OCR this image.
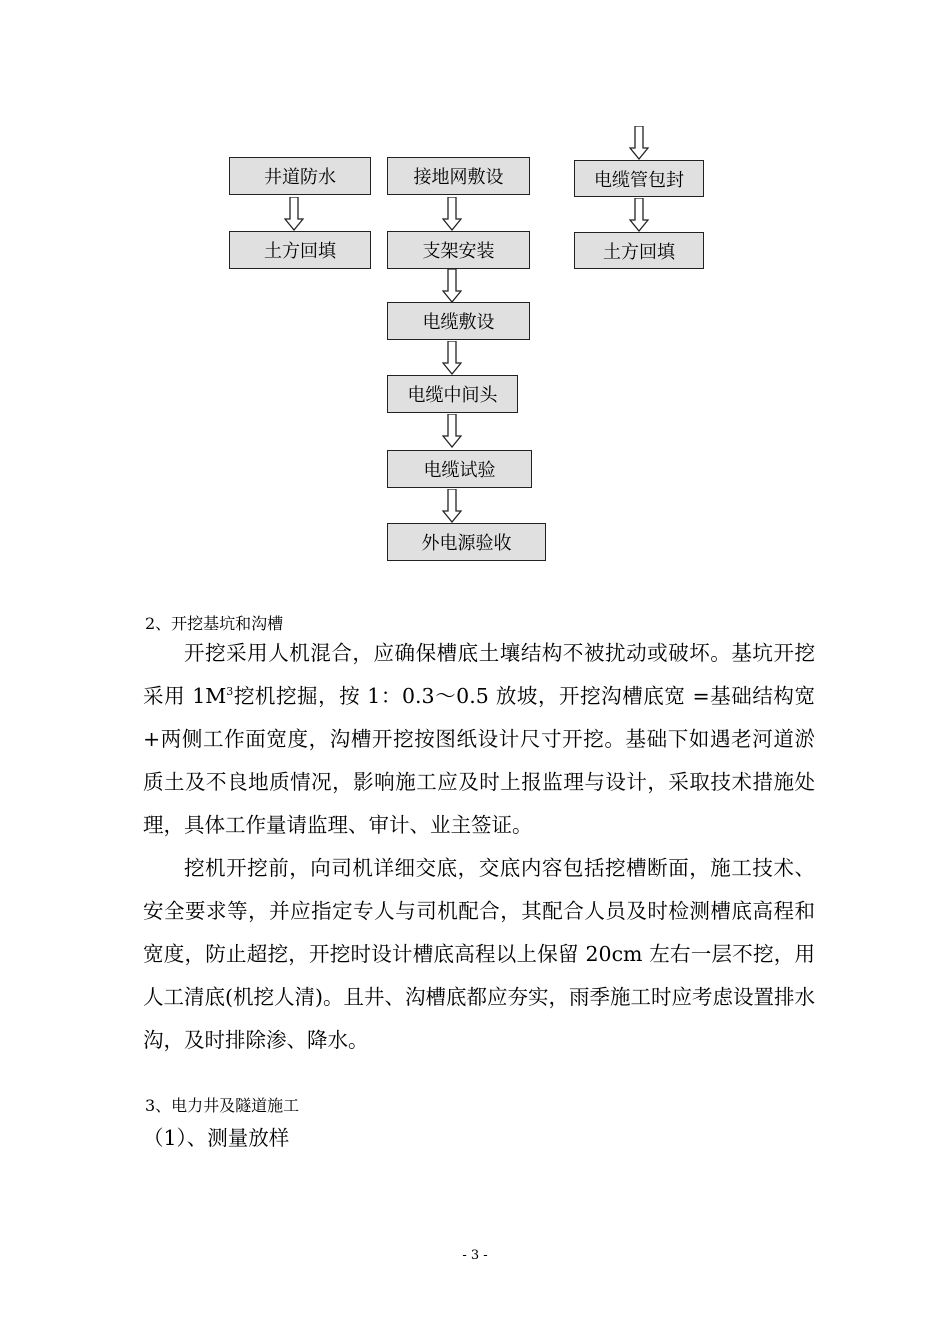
井道防水
土方回填
接地网敷设
支架安装
电缆敷设
电缆中间头
电缆试验
外电源验收
电缆管包封
土方回填
2、开挖基坑和沟槽

开挖采用人机混合，应确保槽底土壤结构不被扰动或破坏。基坑开挖采用 $1M^3$挖机挖掘，按 1：0.3～0.5 放坡，开挖沟槽底宽 =基础结构宽+两侧工作面宽度，沟槽开挖按图纸设计尺寸开挖。基础下如遇老河道淤质土及不良地质情况，影响施工应及时上报监理与设计，采取技术措施处理，具体工作量请监理、审计、业主签证。

挖机开挖前，向司机详细交底，交底内容包括挖槽断面，施工技术、安全要求等，并应指定专人与司机配合，其配合人员及时检测槽底高程和宽度，防止超挖，开挖时设计槽底高程以上保留 20cm 左右一层不挖，用人工清底(机挖人清)。且井、沟槽底都应夯实，雨季施工时应考虑设置排水沟，及时排除渗、降水。

3、电力井及隧道施工
（1）、测量放样
- 3 -
